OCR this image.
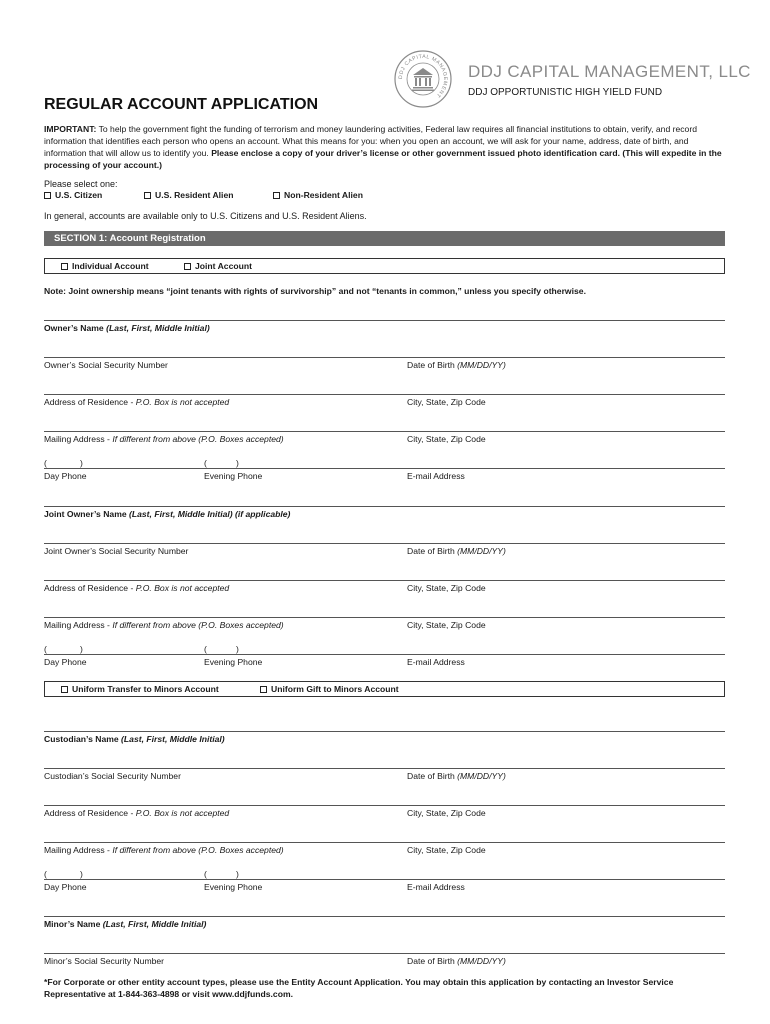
DDJ CAPITAL MANAGEMENT
DDJ CAPITAL MANAGEMENT, LLC
DDJ OPPORTUNISTIC HIGH YIELD FUND
REGULAR ACCOUNT APPLICATION
IMPORTANT: To help the government fight the funding of terrorism and money laundering activities, Federal law requires all financial institutions to obtain, verify, and record information that identifies each person who opens an account. What this means for you: when you open an account, we will ask for your name, address, date of birth, and information that will allow us to identify you. Please enclose a copy of your driver’s license or other government issued photo identification card. (This will expedite in the processing of your account.)
Please select one:
U.S. Citizen	U.S. Resident Alien	Non-Resident Alien
In general, accounts are available only to U.S. Citizens and U.S. Resident Aliens.
SECTION 1: Account Registration
Individual Account	Joint Account
Note: Joint ownership means “joint tenants with rights of survivorship” and not “tenants in common,” unless you specify otherwise.
Owner’s Name (Last, First, Middle Initial)
Owner’s Social Security Number	Date of Birth (MM/DD/YY)
Address of Residence - P.O. Box is not accepted	City, State, Zip Code
Mailing Address - If different from above (P.O. Boxes accepted)	City, State, Zip Code
(	)	(	)
Day Phone	Evening Phone	E-mail Address
Joint Owner’s Name (Last, First, Middle Initial) (if applicable)
Joint Owner’s Social Security Number	Date of Birth (MM/DD/YY)
Address of Residence - P.O. Box is not accepted	City, State, Zip Code
Mailing Address - If different from above (P.O. Boxes accepted)	City, State, Zip Code
(	)	(	)
Day Phone	Evening Phone	E-mail Address
Uniform Transfer to Minors Account	Uniform Gift to Minors Account
Custodian’s Name (Last, First, Middle Initial)
Custodian’s Social Security Number	Date of Birth (MM/DD/YY)
Address of Residence - P.O. Box is not accepted	City, State, Zip Code
Mailing Address - If different from above (P.O. Boxes accepted)	City, State, Zip Code
(	)	(	)
Day Phone	Evening Phone	E-mail Address
Minor’s Name (Last, First, Middle Initial)
Minor’s Social Security Number	Date of Birth (MM/DD/YY)
*For Corporate or other entity account types, please use the Entity Account Application. You may obtain this application by contacting an Investor Service Representative at 1-844-363-4898 or visit www.ddjfunds.com.
